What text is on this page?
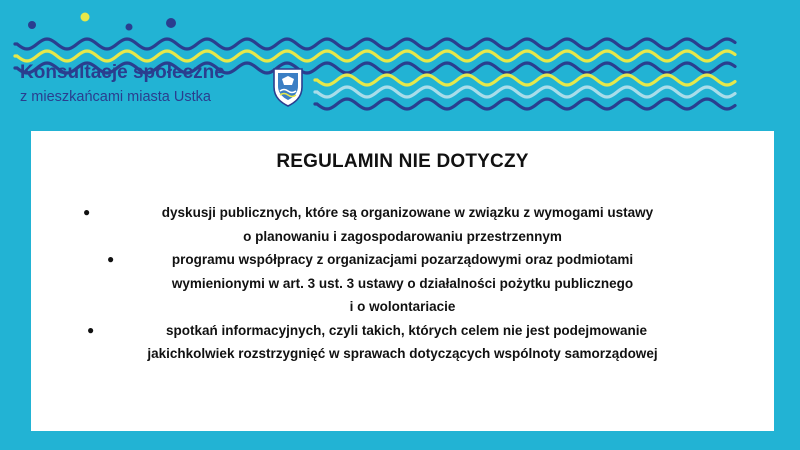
Konsultacje społeczne
z mieszkańcami miasta Ustka
REGULAMIN NIE DOTYCZY
●	dyskusji publicznych, które są organizowane w związku z wymogami ustawy
o planowaniu i zagospodarowaniu przestrzennym
●	programu współpracy z organizacjami pozarządowymi oraz podmiotami
wymienionymi w art. 3 ust. 3 ustawy o działalności pożytku publicznego
i o wolontariacie
●	spotkań informacyjnych, czyli takich, których celem nie jest podejmowanie
jakichkolwiek rozstrzygnięć w sprawach dotyczących wspólnoty samorządowej
